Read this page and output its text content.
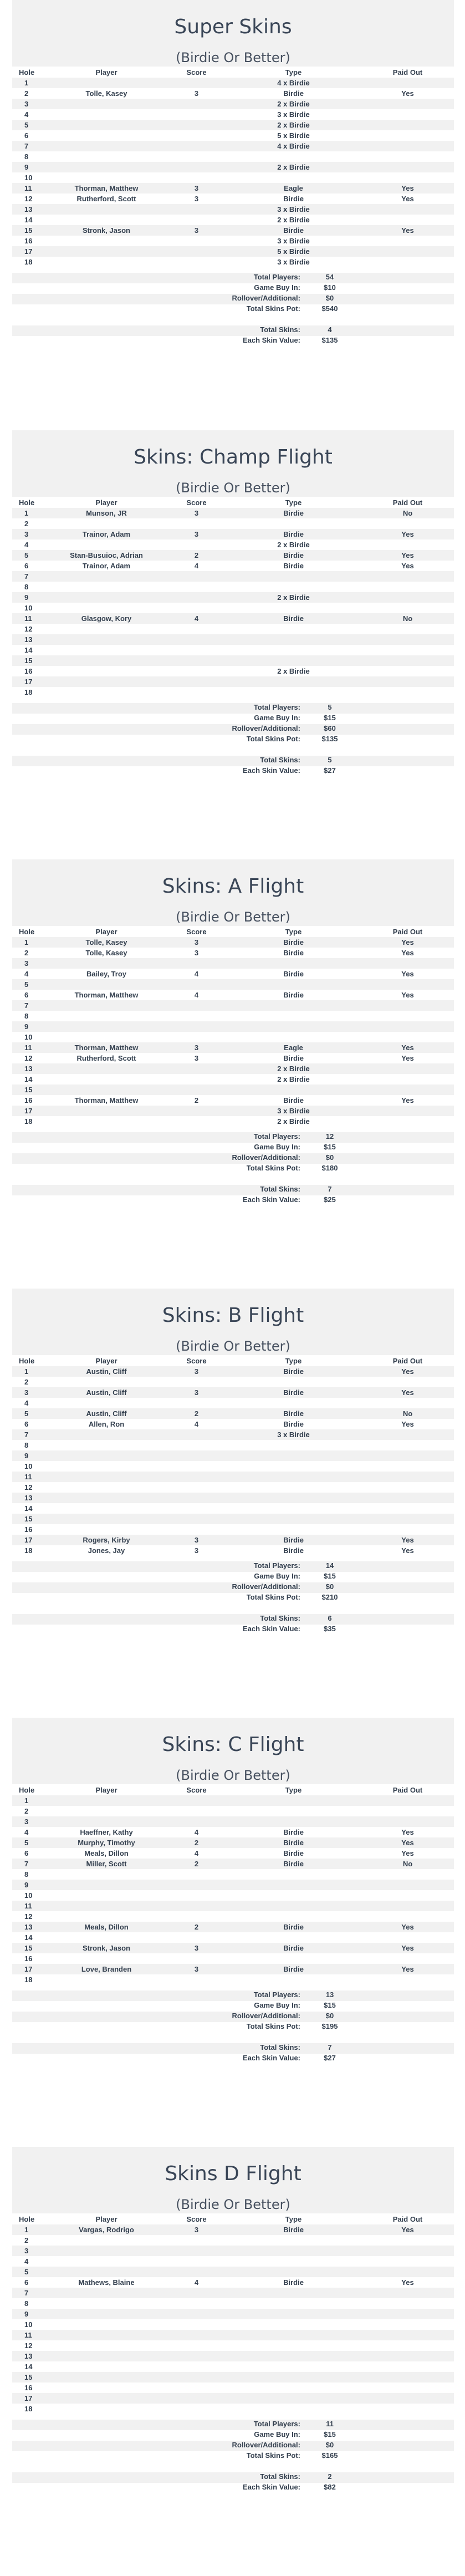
Super Skins
(Birdie Or Better)
Hole	Player	Score	Type	Paid Out
1			4 x Birdie	
2	Tolle, Kasey	3	Birdie	Yes
3			2 x Birdie	
4			3 x Birdie	
5			2 x Birdie	
6			5 x Birdie	
7			4 x Birdie	
8				
9			2 x Birdie	
10				
11	Thorman, Matthew	3	Eagle	Yes
12	Rutherford, Scott	3	Birdie	Yes
13			3 x Birdie	
14			2 x Birdie	
15	Stronk, Jason	3	Birdie	Yes
16			3 x Birdie	
17			5 x Birdie	
18			3 x Birdie	
Total Players:	54
Game Buy In:	$10
Rollover/Additional:	$0
Total Skins Pot:	$540
Total Skins:	4
Each Skin Value:	$135
Skins: Champ Flight
(Birdie Or Better)
Hole	Player	Score	Type	Paid Out
1	Munson, JR	3	Birdie	No
2				
3	Trainor, Adam	3	Birdie	Yes
4			2 x Birdie	
5	Stan-Busuioc, Adrian	2	Birdie	Yes
6	Trainor, Adam	4	Birdie	Yes
7				
8				
9			2 x Birdie	
10				
11	Glasgow, Kory	4	Birdie	No
12				
13				
14				
15				
16			2 x Birdie	
17				
18				
Total Players:	5
Game Buy In:	$15
Rollover/Additional:	$60
Total Skins Pot:	$135
Total Skins:	5
Each Skin Value:	$27
Skins: A Flight
(Birdie Or Better)
Hole	Player	Score	Type	Paid Out
1	Tolle, Kasey	3	Birdie	Yes
2	Tolle, Kasey	3	Birdie	Yes
3				
4	Bailey, Troy	4	Birdie	Yes
5				
6	Thorman, Matthew	4	Birdie	Yes
7				
8				
9				
10				
11	Thorman, Matthew	3	Eagle	Yes
12	Rutherford, Scott	3	Birdie	Yes
13			2 x Birdie	
14			2 x Birdie	
15				
16	Thorman, Matthew	2	Birdie	Yes
17			3 x Birdie	
18			2 x Birdie	
Total Players:	12
Game Buy In:	$15
Rollover/Additional:	$0
Total Skins Pot:	$180
Total Skins:	7
Each Skin Value:	$25
Skins: B Flight
(Birdie Or Better)
Hole	Player	Score	Type	Paid Out
1	Austin, Cliff	3	Birdie	Yes
2				
3	Austin, Cliff	3	Birdie	Yes
4				
5	Austin, Cliff	2	Birdie	No
6	Allen, Ron	4	Birdie	Yes
7			3 x Birdie	
8				
9				
10				
11				
12				
13				
14				
15				
16				
17	Rogers, Kirby	3	Birdie	Yes
18	Jones, Jay	3	Birdie	Yes
Total Players:	14
Game Buy In:	$15
Rollover/Additional:	$0
Total Skins Pot:	$210
Total Skins:	6
Each Skin Value:	$35
Skins: C Flight
(Birdie Or Better)
Hole	Player	Score	Type	Paid Out
1				
2				
3				
4	Haeffner, Kathy	4	Birdie	Yes
5	Murphy, Timothy	2	Birdie	Yes
6	Meals, Dillon	4	Birdie	Yes
7	Miller, Scott	2	Birdie	No
8				
9				
10				
11				
12				
13	Meals, Dillon	2	Birdie	Yes
14				
15	Stronk, Jason	3	Birdie	Yes
16				
17	Love, Branden	3	Birdie	Yes
18				
Total Players:	13
Game Buy In:	$15
Rollover/Additional:	$0
Total Skins Pot:	$195
Total Skins:	7
Each Skin Value:	$27
Skins D Flight
(Birdie Or Better)
Hole	Player	Score	Type	Paid Out
1	Vargas, Rodrigo	3	Birdie	Yes
2				
3				
4				
5				
6	Mathews, Blaine	4	Birdie	Yes
7				
8				
9				
10				
11				
12				
13				
14				
15				
16				
17				
18				
Total Players:	11
Game Buy In:	$15
Rollover/Additional:	$0
Total Skins Pot:	$165
Total Skins:	2
Each Skin Value:	$82
